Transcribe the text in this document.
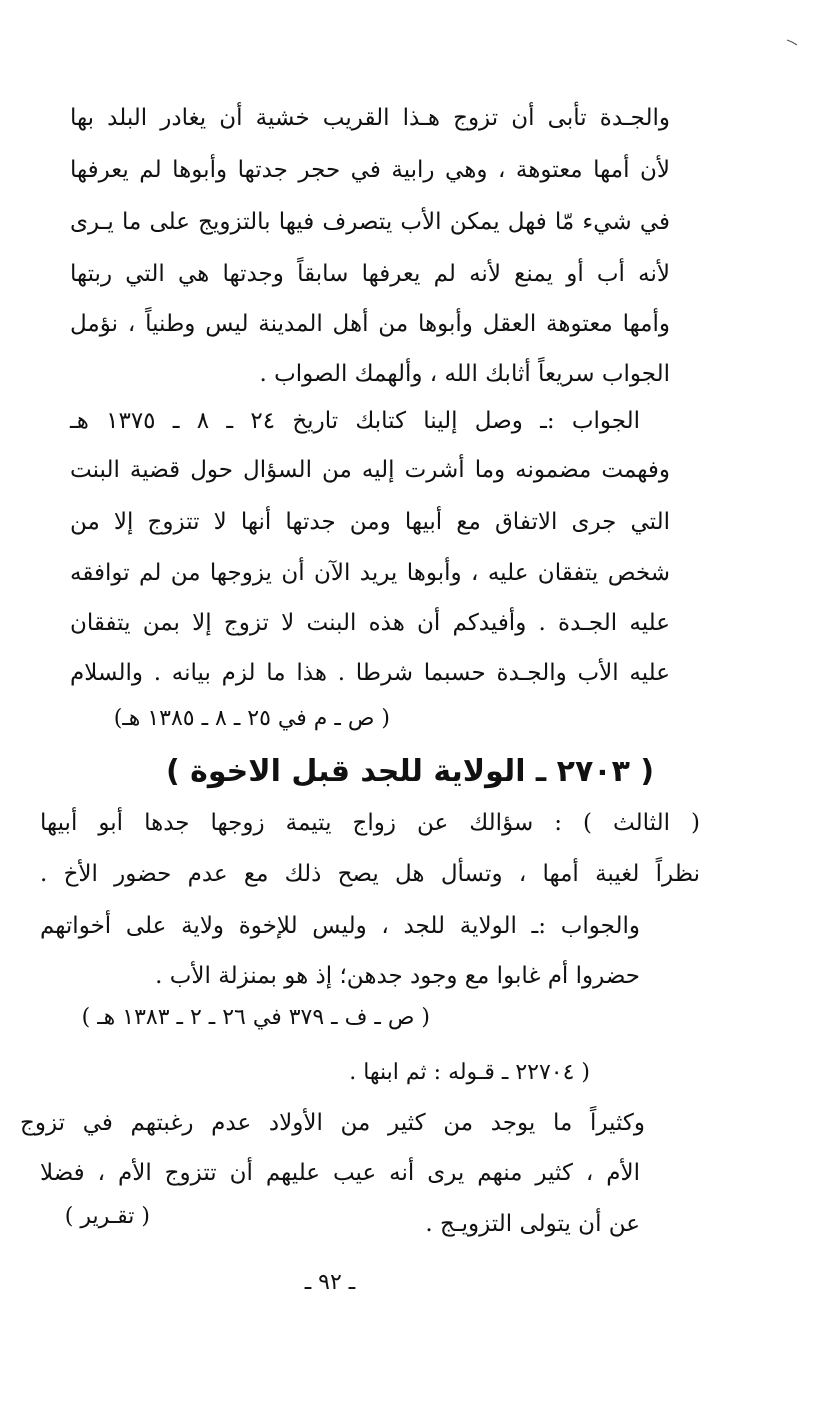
والجـدة تأبى أن تزوج هـذا القريب خشية أن يغادر البلد بها
لأن أمها معتوهة ، وهي رابية في حجر جدتها وأبوها لم يعرفها
في شيء مّا فهل يمكن الأب يتصرف فيها بالتزويج على ما يـرى
لأنه أب أو يمنع لأنه لم يعرفها سابقاً وجدتها هي التي ربتها
وأمها معتوهة العقل وأبوها من أهل المدينة ليس وطنياً ، نؤمل
الجواب سريعاً أثابك الله ، وألهمك الصواب .
الجواب :ـ وصل إلينا كتابك تاريخ ٢٤ ـ ٨ ـ ١٣٧٥ هـ
وفهمت مضمونه وما أشرت إليه من السؤال حول قضية البنت
التي جرى الاتفاق مع أبيها ومن جدتها أنها لا تتزوج إلا من
شخص يتفقان عليه ، وأبوها يريد الآن أن يزوجها من لم توافقه
عليه الجـدة . وأفيدكم أن هذه البنت لا تزوج إلا بمن يتفقان
عليه الأب والجـدة حسبما شرطا . هذا ما لزم بيانه . والسلام
( ص ـ م في ٢٥ ـ ٨ ـ ١٣٨٥ هـ)
( ٢٧٠٣ ـ الولاية للجد قبل الاخوة )
( الثالث ) : سؤالك عن زواج يتيمة زوجها جدها أبو أبيها
نظراً لغيبة أمها ، وتسأل هل يصح ذلك مع عدم حضور الأخ .
والجواب :ـ الولاية للجد ، وليس للإخوة ولاية على أخواتهم
حضروا أم غابوا مع وجود جدهن؛ إذ هو بمنزلة الأب .
( ص ـ ف ـ ٣٧٩ في ٢٦ ـ ٢ ـ ١٣٨٣ هـ )
( ٢٢٧٠٤ ـ قـوله : ثم ابنها .
وكثيراً ما يوجد من كثير من الأولاد عدم رغبتهم في تزوج
الأم ، كثير منهم يرى أنه عيب عليهم أن تتزوج الأم ، فضلا
عن أن يتولى التزويـج .
( تقـرير )
ـ ٩٢ ـ
